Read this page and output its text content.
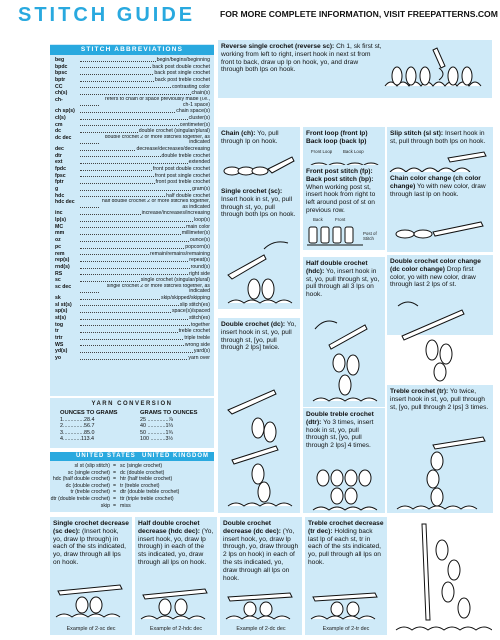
STITCH GUIDE	FOR MORE COMPLETE INFORMATION, VISIT FREEPATTERNS.COM
STITCH ABBREVIATIONS
beg	begin/begins/beginning
bpdc	back post double crochet
bpsc	back post single crochet
bptr	back post treble crochet
CC	contrasting color
ch(s)	chain(s)
ch-	refers to chain or space previously made (i.e., ch-1 space)
ch sp(s)	chain space(s)
cl(s)	cluster(s)
cm	centimeter(s)
dc	double crochet (singular/plural)
dc dec	double crochet 2 or more stitches together, as indicated
dec	decrease/decreases/decreasing
dtr	double treble crochet
ext	extended
fpdc	front post double crochet
fpsc	front post single crochet
fptr	front post treble crochet
g	gram(s)
hdc	half double crochet
hdc dec	half double crochet 2 or more stitches together, as indicated
inc	increase/increases/increasing
lp(s)	loop(s)
MC	main color
mm	millimeter(s)
oz	ounce(s)
pc	popcorn(s)
rem	remain/remains/remaining
rep(s)	repeat(s)
rnd(s)	round(s)
RS	right side
sc	single crochet (singular/plural)
sc dec	single crochet 2 or more stitches together, as indicated
sk	skip/skipped/skipping
sl st(s)	slip stitch(es)
sp(s)	space(s)/spaced
st(s)	stitch(es)
tog	together
tr	treble crochet
trtr	triple treble
WS	wrong side
yd(s)	yard(s)
yo	yarn over
YARN CONVERSION
OUNCES TO GRAMS
1..............28.4
2..............56.7
3..............85.0
4............113.4
GRAMS TO OUNCES
25 ..............⅞
40 ............1⅔
50 ............1¾
100 ..........3½
UNITED STATES UNITED KINGDOM
sl st (slip stitch) = sc (single crochet)
sc (single crochet) = dc (double crochet)
hdc (half double crochet) = htr (half treble crochet)
dc (double crochet) = tr (treble crochet)
tr (treble crochet) = dtr (double treble crochet)
dtr (double treble crochet) = ttr (triple treble crochet)
skip = miss
Reverse single crochet (reverse sc): Ch 1, sk first st, working from left to right, insert hook in next st from front to back, draw up lp on hook, yo, and draw through both lps on hook.
Chain (ch): Yo, pull through lp on hook.
Front loop (front lp) Back loop (back lp)
Front Loop Back Loop
Slip stitch (sl st): Insert hook in st, pull through both lps on hook.
Single crochet (sc): Insert hook in st, yo, pull through st, yo, pull through both lps on hook.
Front post stitch (fp): Back post stitch (bp): When working post st, insert hook from right to left around post of st on previous row.
Back	Front
Post of Stitch
Chain color change (ch color change) Yo with new color, draw through last lp on hook.
Half double crochet (hdc): Yo, insert hook in st, yo, pull through st, yo, pull through all 3 lps on hook.
Double crochet color change (dc color change) Drop first color, yo with new color, draw through last 2 lps of st.
Double crochet (dc): Yo, insert hook in st, yo, pull through st, [yo, pull through 2 lps] twice.
Treble crochet (tr): Yo twice, insert hook in st, yo, pull through st, [yo, pull through 2 lps] 3 times.
Double treble crochet (dtr): Yo 3 times, insert hook in st, yo, pull through st, [yo, pull through 2 lps] 4 times.
Single crochet decrease (sc dec): (Insert hook, yo, draw lp through) in each of the sts indicated, yo, draw through all lps on hook.
Example of 2-sc dec
Half double crochet decrease (hdc dec): (Yo, insert hook, yo, draw lp through) in each of the sts indicated, yo, draw through all lps on hook.
Example of 2-hdc dec
Double crochet decrease (dc dec): (Yo, insert hook, yo, draw lp through, yo, draw through 2 lps on hook) in each of the sts indicated, yo, draw through all lps on hook.
Example of 2-dc dec
Treble crochet decrease (tr dec): Holding back last lp of each st, tr in each of the sts indicated, yo, pull through all lps on hook.
Example of 2-tr dec
